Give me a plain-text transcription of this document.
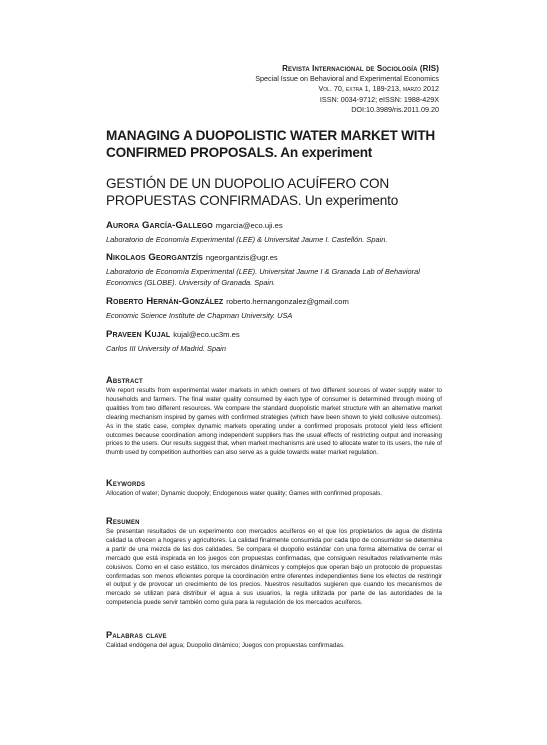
Revista Internacional de Sociología (RIS)
Special Issue on Behavioral and Experimental Economics
Vol. 70, extra 1, 189-213, marzo 2012
ISSN: 0034-9712; eISSN: 1988-429X
DOI:10.3989/ris.2011.09.20
MANAGING A DUOPOLISTIC WATER MARKET WITH CONFIRMED PROPOSALS. An experiment
GESTIÓN DE UN DUOPOLIO ACUÍFERO CON PROPUESTAS CONFIRMADAS. Un experimento
Aurora García-Gallego mgarcia@eco.uji.es
Laboratorio de Economía Experimental (LEE) & Universitat Jaume I. Castellón. Spain.
Nikolaos Georgantzís ngeorgantzis@ugr.es
Laboratorio de Economía Experimental (LEE). Universitat Jaume I & Granada Lab of Behavioral Economics (GLOBE). University of Granada. Spain.
Roberto Hernán-González roberto.hernangonzalez@gmail.com
Economic Science Institute de Chapman University. USA
Praveen Kujal kujal@eco.uc3m.es
Carlos III University of Madrid. Spain
Abstract
We report results from experimental water markets in which owners of two different sources of water supply water to households and farmers. The final water quality consumed by each type of consumer is determined through mixing of qualities from two different resources. We compare the standard duopolistic market structure with an alternative market clearing mechanism inspired by games with confirmed strategies (which have been shown to yield collusive outcomes). As in the static case, complex dynamic markets operating under a confirmed proposals protocol yield less efficient outcomes because coordination among independent suppliers has the usual effects of restricting output and increasing prices to the users. Our results suggest that, when market mechanisms are used to allocate water to its users, the rule of thumb used by competition authorities can also serve as a guide towards water market regulation.
Keywords
Allocation of water; Dynamic duopoly; Endogenous water quality; Games with confirmed proposals.
Resumen
Se presentan resultados de un experimento con mercados acuíferos en el que los propietarios de agua de distinta calidad la ofrecen a hogares y agricultores. La calidad finalmente consumida por cada tipo de consumidor se determina a partir de una mezcla de las dos calidades. Se compara el duopolio estándar con una forma alternativa de cerrar el mercado que está inspirada en los juegos con propuestas confirmadas, que consiguen resultados relativamente más colusivos. Como en el caso estático, los mercados dinámicos y complejos que operan bajo un protocolo de propuestas confirmadas son menos eficientes porque la coordinación entre oferentes independientes tiene los efectos de restringir el output y de provocar un crecimiento de los precios. Nuestros resultados sugieren que cuando los mecanismos de mercado se utilizan para distribuir el agua a sus usuarios, la regla utilizada por parte de las autoridades de la competencia puede servir también como guía para la regulación de los mercados acuíferos.
Palabras clave
Calidad endógena del agua; Duopolio dinámico; Juegos con propuestas confirmadas.
